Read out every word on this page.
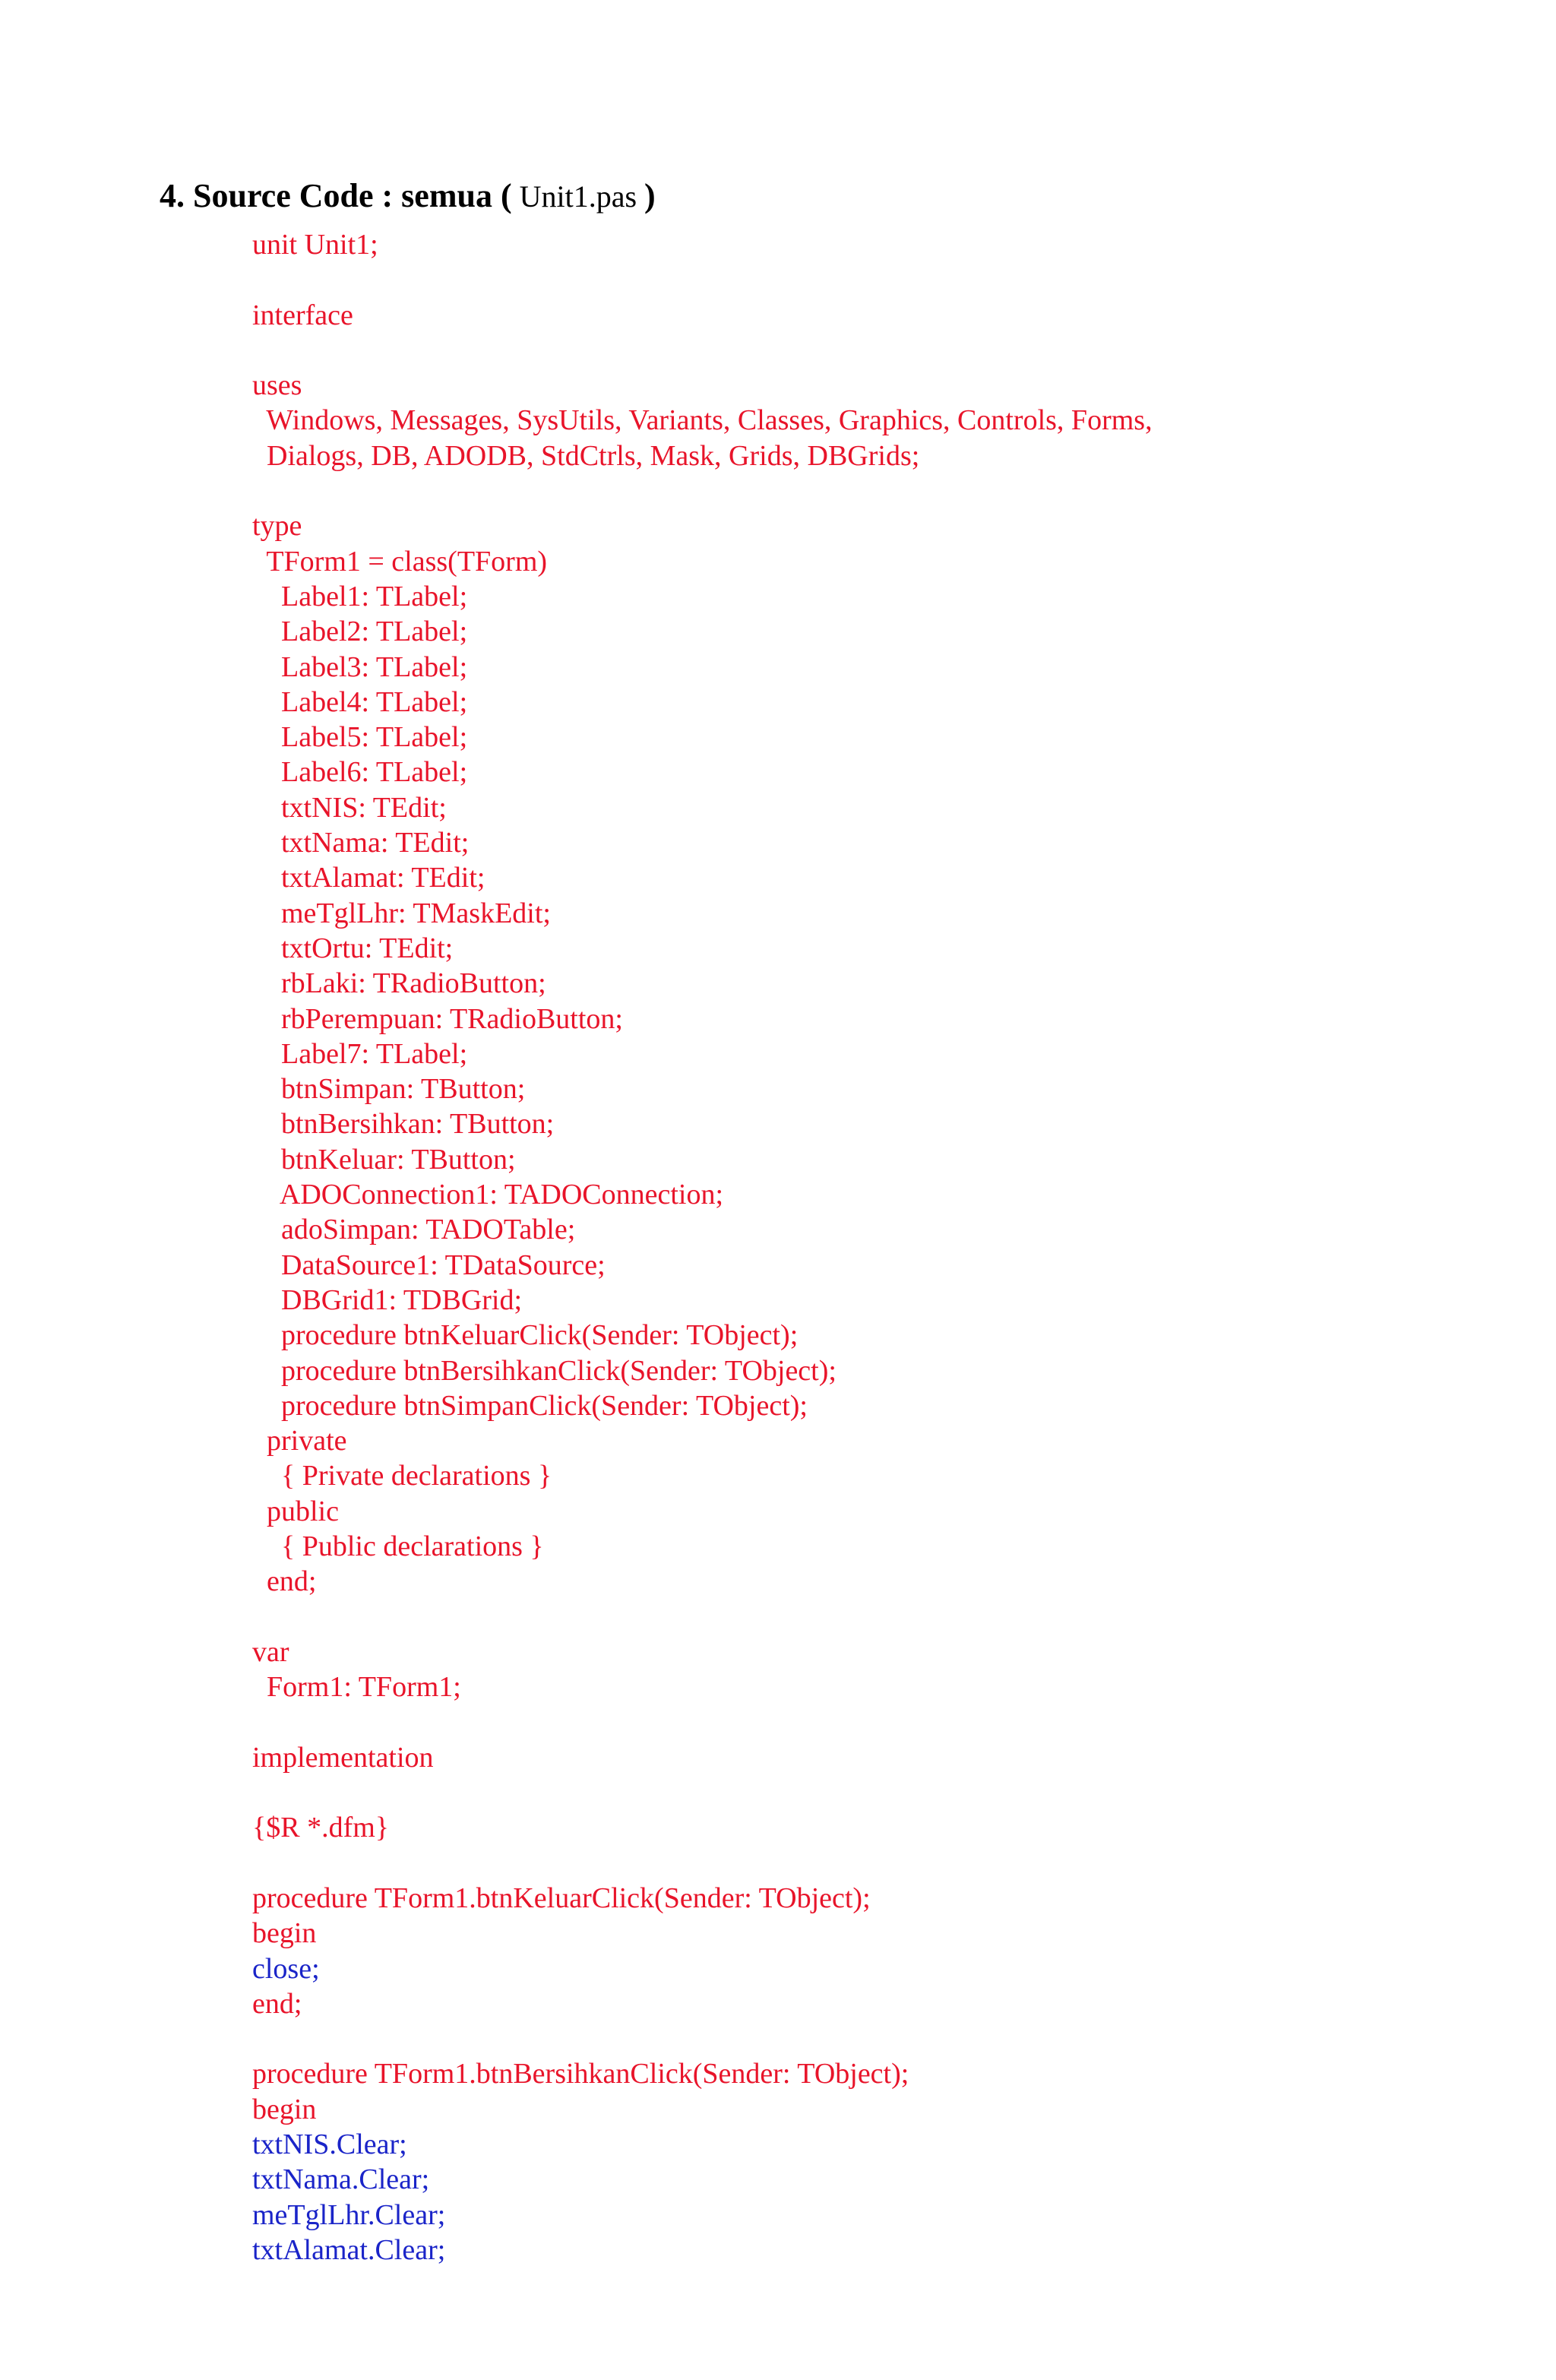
4. Source Code : semua ( Unit1.pas )
unit Unit1;
interface
uses
Windows, Messages, SysUtils, Variants, Classes, Graphics, Controls, Forms,
Dialogs, DB, ADODB, StdCtrls, Mask, Grids, DBGrids;
type
TForm1 = class(TForm)
Label1: TLabel;
Label2: TLabel;
Label3: TLabel;
Label4: TLabel;
Label5: TLabel;
Label6: TLabel;
txtNIS: TEdit;
txtNama: TEdit;
txtAlamat: TEdit;
meTglLhr: TMaskEdit;
txtOrtu: TEdit;
rbLaki: TRadioButton;
rbPerempuan: TRadioButton;
Label7: TLabel;
btnSimpan: TButton;
btnBersihkan: TButton;
btnKeluar: TButton;
ADOConnection1: TADOConnection;
adoSimpan: TADOTable;
DataSource1: TDataSource;
DBGrid1: TDBGrid;
procedure btnKeluarClick(Sender: TObject);
procedure btnBersihkanClick(Sender: TObject);
procedure btnSimpanClick(Sender: TObject);
private
{ Private declarations }
public
{ Public declarations }
end;
var
Form1: TForm1;
implementation
{$R *.dfm}
procedure TForm1.btnKeluarClick(Sender: TObject);
begin
close;
end;
procedure TForm1.btnBersihkanClick(Sender: TObject);
begin
txtNIS.Clear;
txtNama.Clear;
meTglLhr.Clear;
txtAlamat.Clear;
